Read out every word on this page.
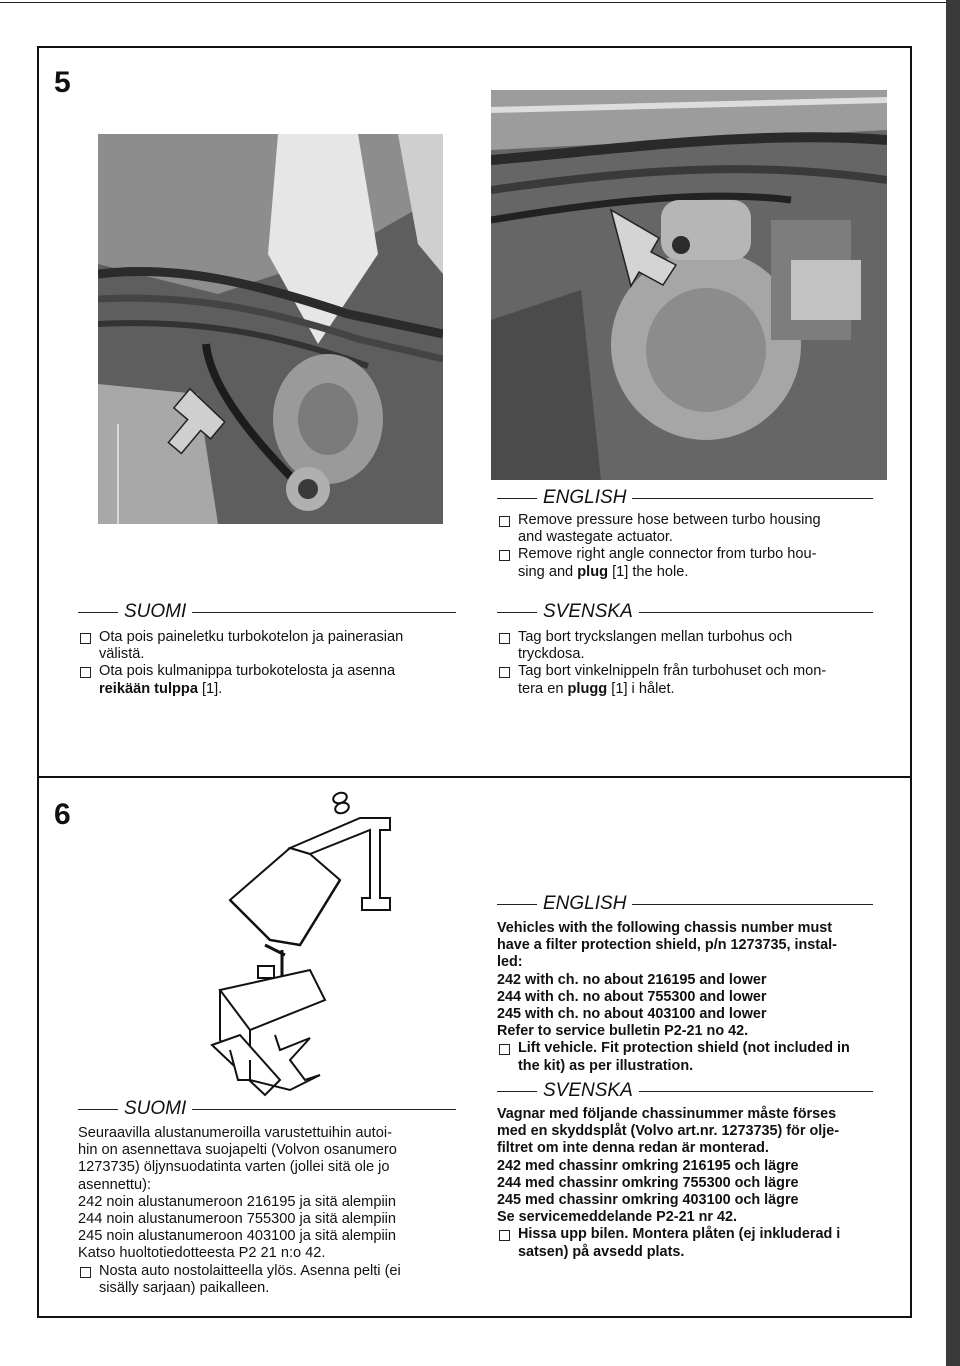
5
ENGLISH

Remove pressure hose between turbo housing
and wastegate actuator.

Remove right angle connector from turbo hou-
sing and plug [1] the hole.

SUOMI

Ota pois paineletku turbokotelon ja painerasian
välistä.

Ota pois kulmanippa turbokotelosta ja asenna
reikään tulppa [1].

SVENSKA

Tag bort tryckslangen mellan turbohus och
tryckdosa.

Tag bort vinkelnippeln från turbohuset och mon-
tera en plugg [1] i hålet.

6
ENGLISH

Vehicles with the following chassis number must

have a filter protection shield, p/n 1273735, instal-

led:

242 with ch. no about 216195 and lower

244 with ch. no about 755300 and lower

245 with ch. no about 403100 and lower

Refer to service bulletin P2-21 no 42.

Lift vehicle. Fit protection shield (not included in
the kit) as per illustration.

SVENSKA

Vagnar med följande chassinummer måste förses

med en skyddsplåt (Volvo art.nr. 1273735) för olje-

filtret om inte denna redan är monterad.

242 med chassinr omkring 216195 och lägre

244 med chassinr omkring 755300 och lägre

245 med chassinr omkring 403100 och lägre

Se servicemeddelande P2-21 nr 42.

Hissa upp bilen. Montera plåten (ej inkluderad i
satsen) på avsedd plats.

SUOMI

Seuraavilla alustanumeroilla varustettuihin autoi-

hin on asennettava suojapelti (Volvon osanumero

1273735) öljynsuodatinta varten (jollei sitä ole jo

asennettu):

242 noin alustanumeroon 216195 ja sitä alempiin

244 noin alustanumeroon 755300 ja sitä alempiin

245 noin alustanumeroon 403100 ja sitä alempiin

Katso huoltotiedotteesta P2 21 n:o 42.

Nosta auto nostolaitteella ylös. Asenna pelti (ei
sisälly sarjaan) paikalleen.
